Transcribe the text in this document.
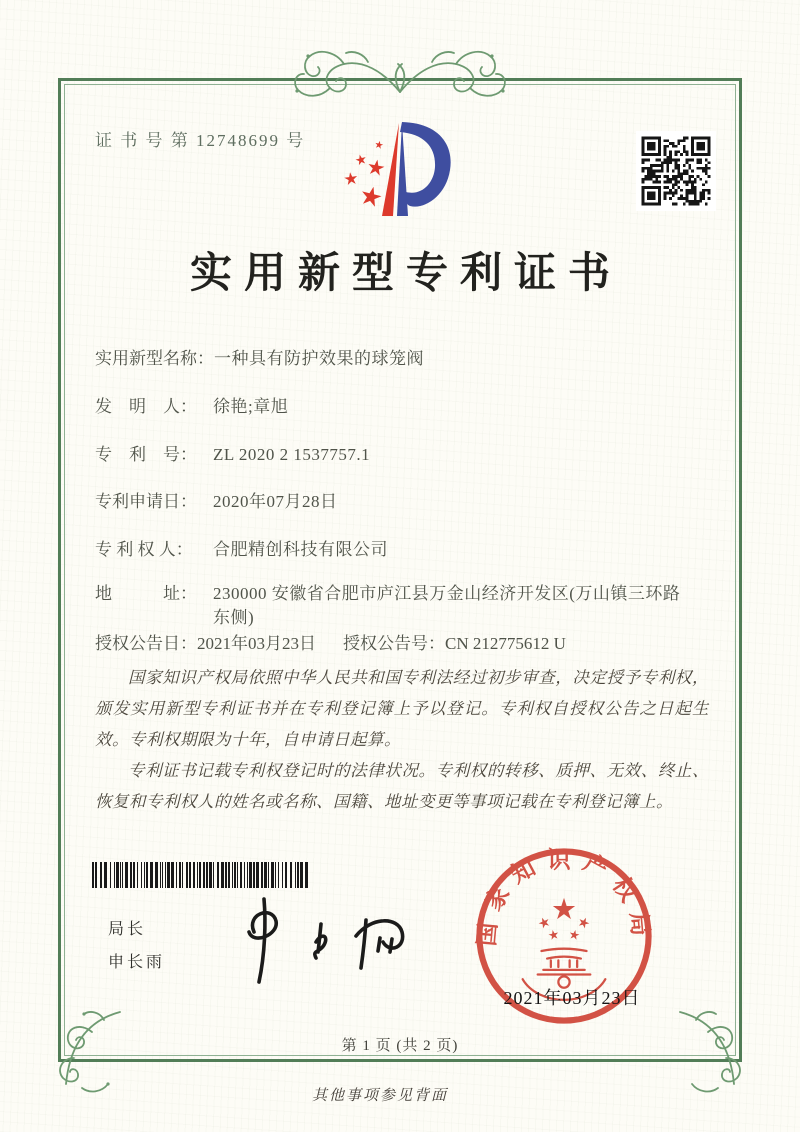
证 书 号 第 12748699 号
实用新型专利证书
实用新型名称： 一种具有防护效果的球笼阀
发　明　人： 徐艳;章旭
专　利　号： ZL 2020 2 1537757.1
专利申请日： 2020年07月28日
专 利 权 人：	合肥精创科技有限公司
地　　　址： 230000 安徽省合肥市庐江县万金山经济开发区(万山镇三环路东侧)
授权公告日：2021年03月23日 授权公告号：CN 212775612 U

国家知识产权局依照中华人民共和国专利法经过初步审查，决定授予专利权，颁发实用新型专利证书并在专利登记簿上予以登记。专利权自授权公告之日起生效。专利权期限为十年，自申请日起算。

专利证书记载专利权登记时的法律状况。专利权的转移、质押、无效、终止、恢复和专利权人的姓名或名称、国籍、地址变更等事项记载在专利登记簿上。

局长
申长雨
国家知识产权局
2021年03月23日
第 1 页 (共 2 页)
其他事项参见背面
